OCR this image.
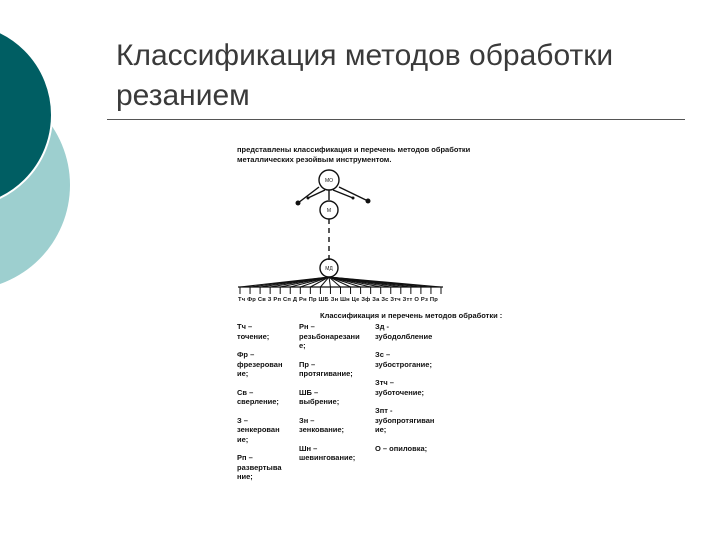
Классификация методов обработки резанием
представлены классификация и перечень методов обработки
металлических резойвым инструментом.
МО
М
МД
Тч Фр Св З Рп Сп Д Рн Пр ШБ Зн Шн Це Зф За Зс Зтч Зтт О Рз Пр
Классификация и перечень методов обработки :
Тч –
точение;
Фр –
фрезерован
ие;
Св –
сверление;
З –
зенкерован
ие;
Рп –
развертыва
ние;
Рн –
резьбонарезани
е;
Пр –
протягивание;
ШБ –
выбрение;
Зн –
зенкование;
Шн –
шевингование;
Зд -
зубодолбление
Зс –
зубострогание;
Зтч –
зуботочение;
Зпт -
зубопротягиван
ие;
О – опиловка;
